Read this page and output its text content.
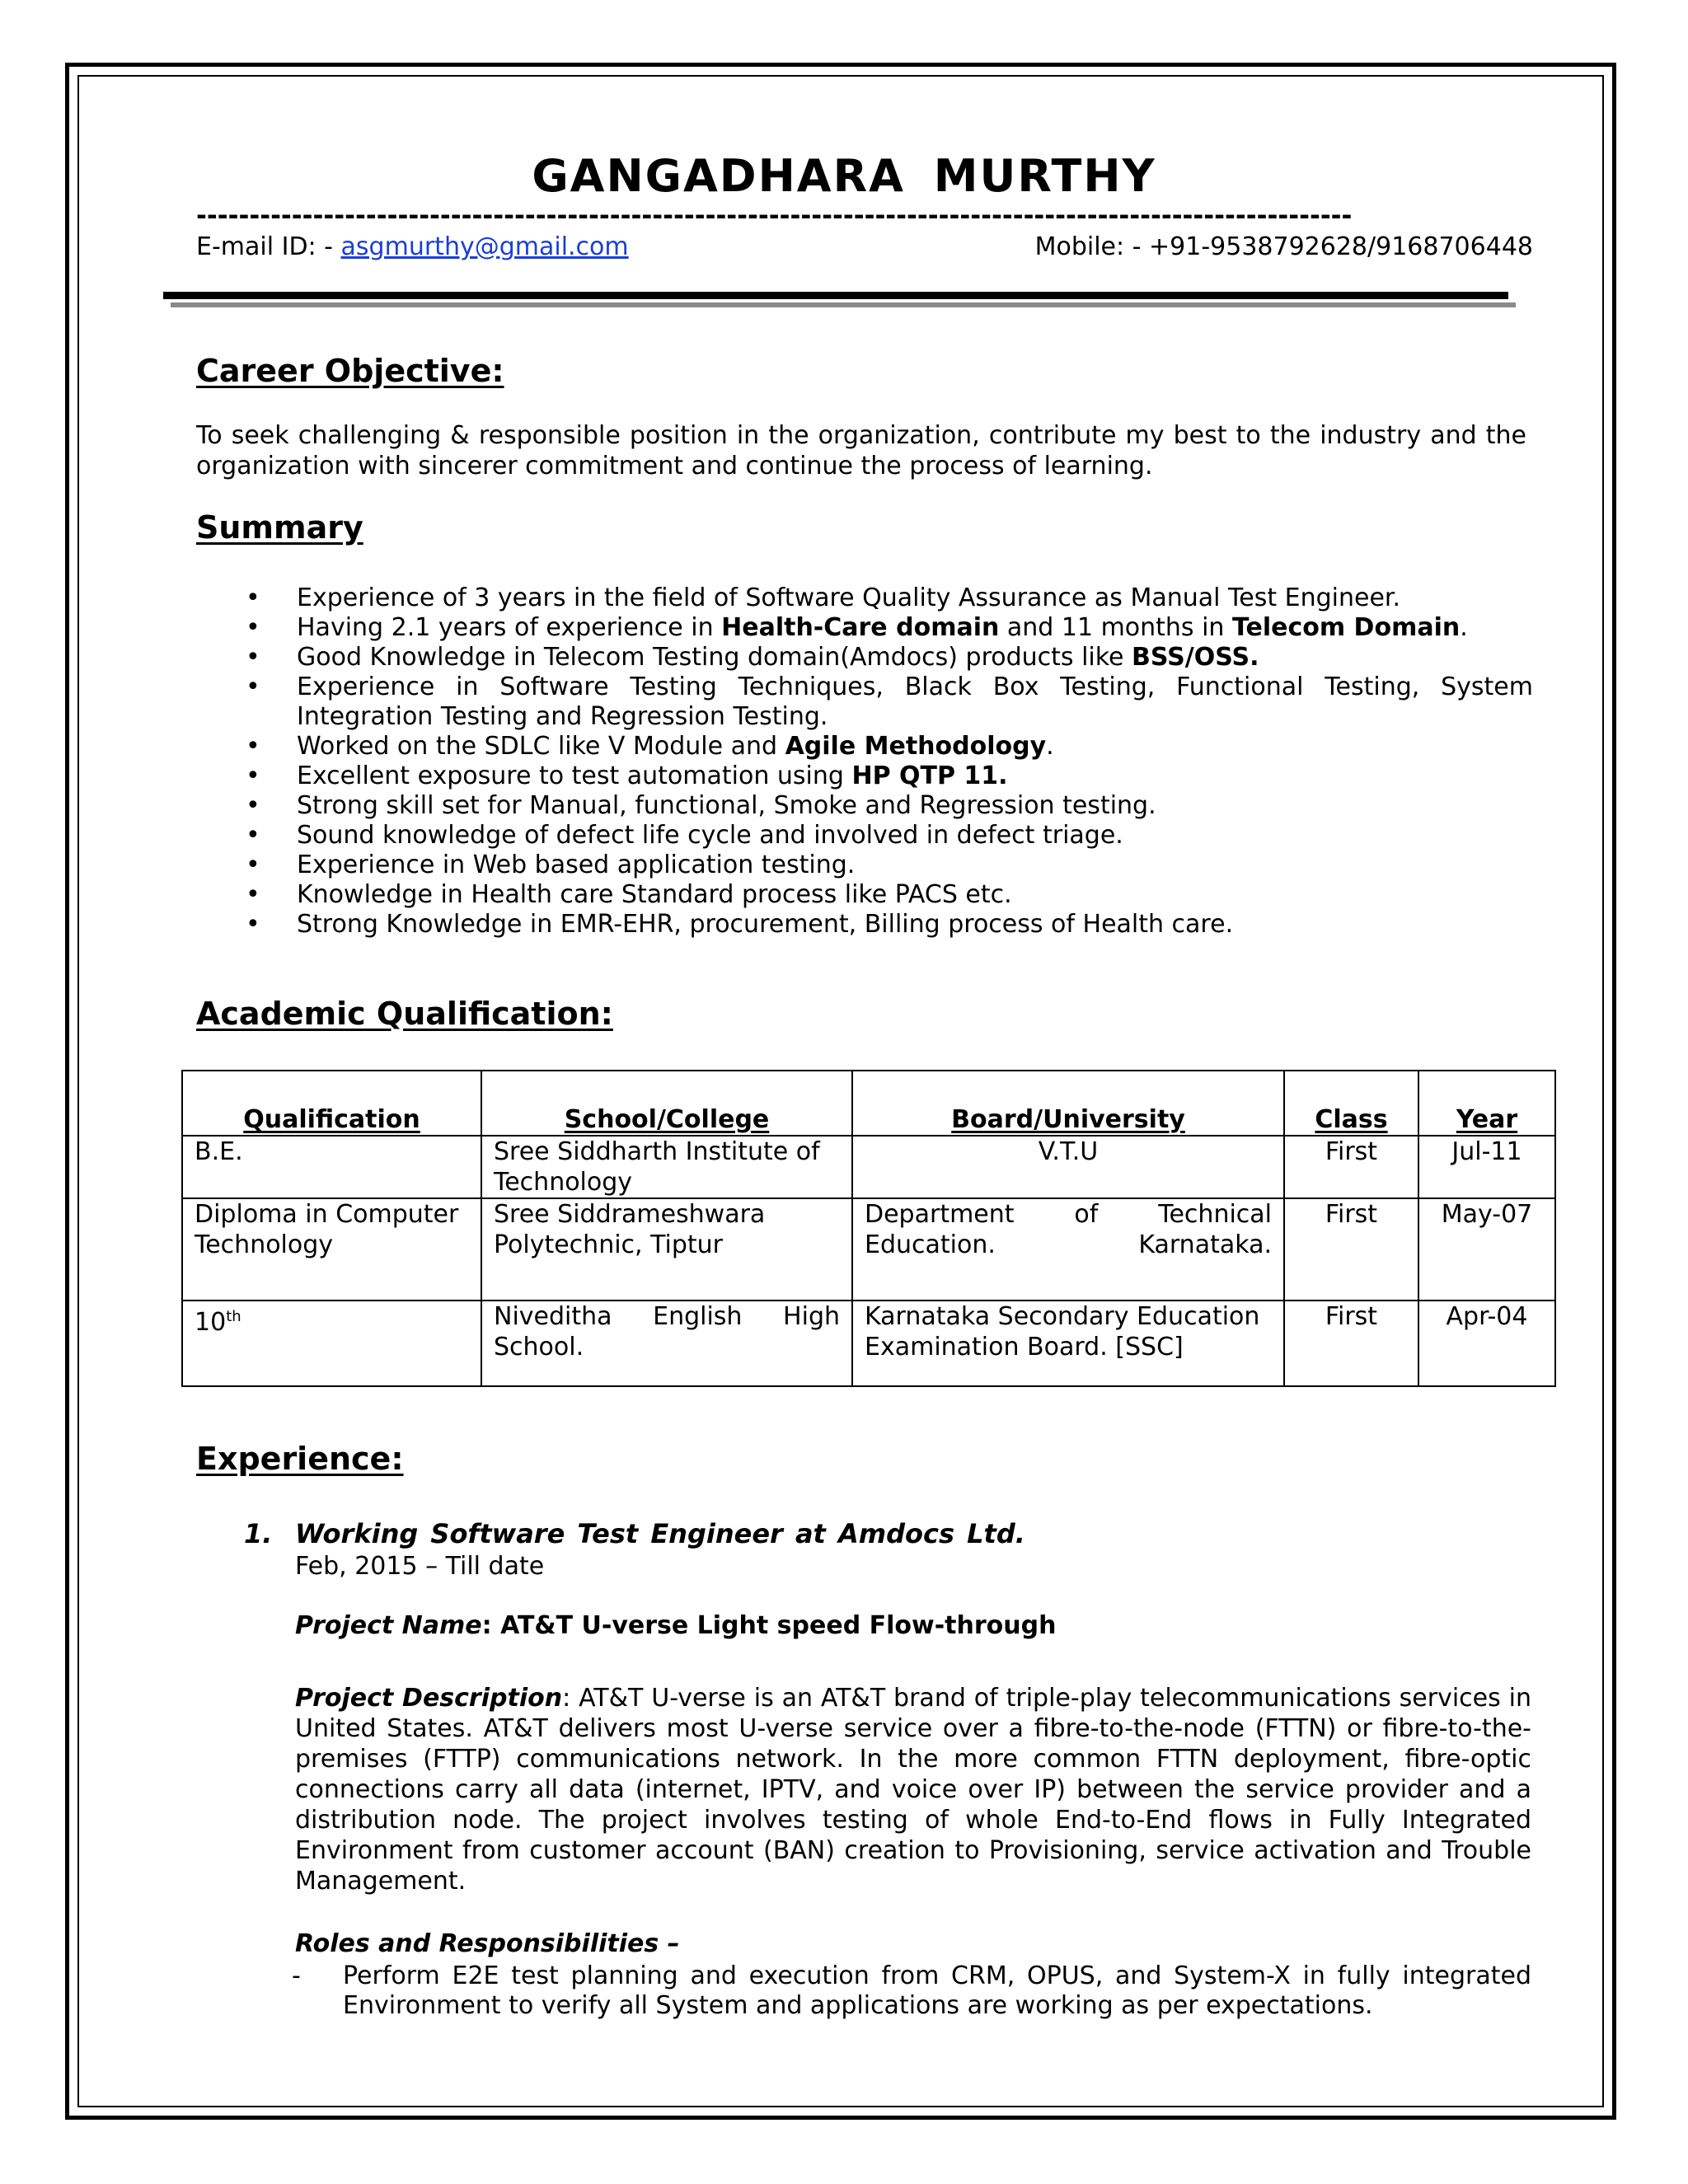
GANGADHARA MURTHY
-------------------------------------------------------------------------------------------------------------
E-mail ID: - asgmurthy@gmail.com	Mobile: - +91-9538792628/9168706448
Career Objective:
To seek challenging & responsible position in the organization, contribute my best to the industry and the organization with sincerer commitment and continue the process of learning.
Summary
• Experience of 3 years in the field of Software Quality Assurance as Manual Test Engineer.
• Having 2.1 years of experience in Health-Care domain and 11 months in Telecom Domain.
• Good Knowledge in Telecom Testing domain(Amdocs) products like BSS/OSS.
• Experience in Software Testing Techniques, Black Box Testing, Functional Testing, System Integration Testing and Regression Testing.
• Worked on the SDLC like V Module and Agile Methodology.
• Excellent exposure to test automation using HP QTP 11.
• Strong skill set for Manual, functional, Smoke and Regression testing.
• Sound knowledge of defect life cycle and involved in defect triage.
• Experience in Web based application testing.
• Knowledge in Health care Standard process like PACS etc.
• Strong Knowledge in EMR-EHR, procurement, Billing process of Health care.
Academic Qualification:
Qualification	School/College	Board/University	Class	Year
B.E.	Sree Siddharth Institute of Technology	V.T.U	First	Jul-11
Diploma in Computer Technology	Sree Siddrameshwara Polytechnic, Tiptur	Department of Technical Education. Karnataka.	First	May-07
10th	Niveditha English High School.	Karnataka Secondary Education Examination Board. [SSC]	First	Apr-04
Experience:
1. Working Software Test Engineer at Amdocs Ltd.
Feb, 2015 – Till date
Project Name: AT&T U-verse Light speed Flow-through
Project Description: AT&T U-verse is an AT&T brand of triple-play telecommunications services in United States. AT&T delivers most U-verse service over a fibre-to-the-node (FTTN) or fibre-to-the-premises (FTTP) communications network. In the more common FTTN deployment, fibre-optic connections carry all data (internet, IPTV, and voice over IP) between the service provider and a distribution node. The project involves testing of whole End-to-End flows in Fully Integrated Environment from customer account (BAN) creation to Provisioning, service activation and Trouble Management.
Roles and Responsibilities –
- Perform E2E test planning and execution from CRM, OPUS, and System-X in fully integrated Environment to verify all System and applications are working as per expectations.
